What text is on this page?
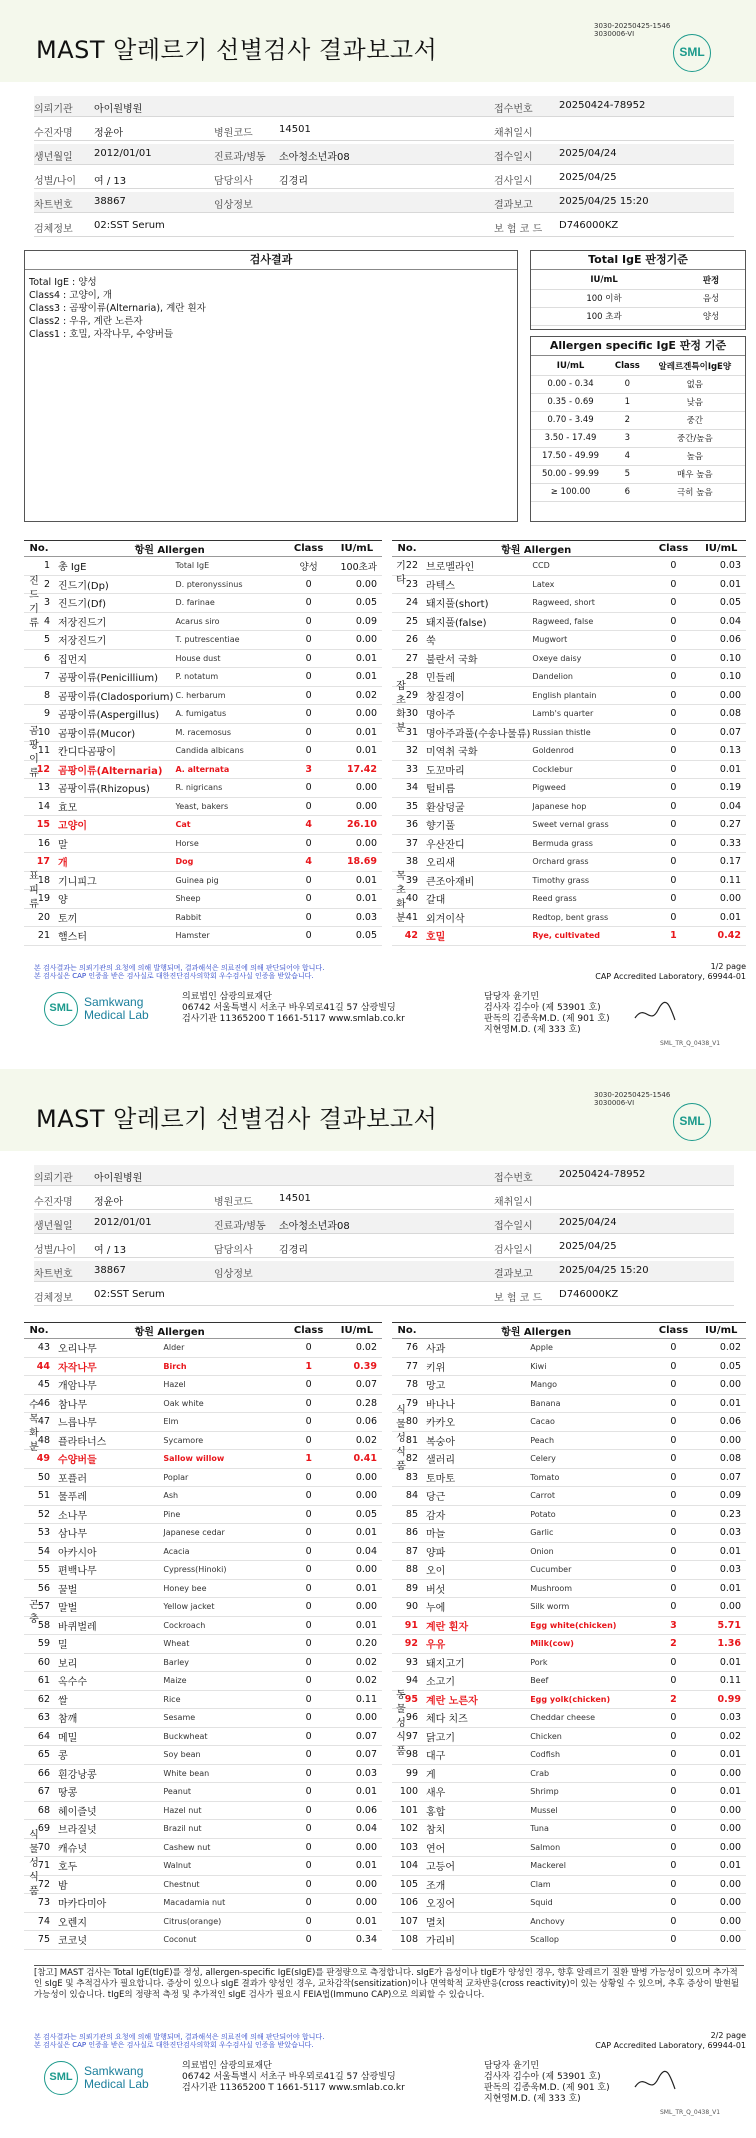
MAST 알레르기 선별검사 결과보고서
3030-20250425-1546
3030006-VI
SML
의뢰기관 아이원병원	접수번호	20250424-78952
수진자명 정윤아	병원코드	14501	채취일시
생년월일 2012/01/01	진료과/병동 소아청소년과08	접수일시	2025/04/24
성별/나이 여 / 13	담당의사	김경리	검사일시	2025/04/25
차트번호 38867	임상정보	결과보고	2025/04/25 15:20
검체정보 02:SST Serum	보 험 코 드 D746000KZ
검사결과
Total IgE : 양성
Class4 : 고양이, 개
Class3 : 곰팡이류(Alternaria), 계란 흰자
Class2 : 우유, 계란 노른자
Class1 : 호밀, 자작나무, 수양버들
Total IgE 판정기준
IU/mL	판정
100 이하	음성
100 초과	양성
Allergen specific IgE 판정 기준
IU/mL	Class	알레르겐특이IgE양
0.00 - 0.34	0	없음
0.35 - 0.69	1	낮음
0.70 - 3.49	2	중간
3.50 - 17.49	3	중간/높음
17.50 - 49.99	4	높음
50.00 - 99.99	5	매우 높음
≥ 100.00	6	극히 높음
No.	항원 Allergen		Class	IU/mL
1	총 IgE	Total IgE	양성	100초과
2	진드기(Dp)	D. pteronyssinus	0	0.00
3	진드기(Df)	D. farinae	0	0.05
4	저장진드기	Acarus siro	0	0.09
5	저장진드기	T. putrescentiae	0	0.00
6	집먼지	House dust	0	0.01
7	곰팡이류(Penicillium)	P. notatum	0	0.01
8	곰팡이류(Cladosporium)	C. herbarum	0	0.02
9	곰팡이류(Aspergillus)	A. fumigatus	0	0.00
10	곰팡이류(Mucor)	M. racemosus	0	0.01
11	칸디다곰팡이	Candida albicans	0	0.01
12	곰팡이류(Alternaria)	A. alternata	3	17.42
13	곰팡이류(Rhizopus)	R. nigricans	0	0.00
14	효모	Yeast, bakers	0	0.00
15	고양이	Cat	4	26.10
16	말	Horse	0	0.00
17	개	Dog	4	18.69
18	기니피그	Guinea pig	0	0.01
19	양	Sheep	0	0.01
20	토끼	Rabbit	0	0.03
21	햄스터	Hamster	0	0.05
No.	항원 Allergen		Class	IU/mL
22	브로멜라인	CCD	0	0.03
23	라텍스	Latex	0	0.01
24	돼지풀(short)	Ragweed, short	0	0.05
25	돼지풀(false)	Ragweed, false	0	0.04
26	쑥	Mugwort	0	0.06
27	불란서 국화	Oxeye daisy	0	0.10
28	민들레	Dandelion	0	0.10
29	창질경이	English plantain	0	0.00
30	명아주	Lamb's quarter	0	0.08
31	명아주과풀(수송나물류)	Russian thistle	0	0.07
32	미역취 국화	Goldenrod	0	0.13
33	도꼬마리	Cocklebur	0	0.01
34	털비름	Pigweed	0	0.19
35	환삼덩굴	Japanese hop	0	0.04
36	향기풀	Sweet vernal grass	0	0.27
37	우산잔디	Bermuda grass	0	0.33
38	오리새	Orchard grass	0	0.17
39	큰조아재비	Timothy grass	0	0.11
40	갈대	Reed grass	0	0.00
41	외겨이삭	Redtop, bent grass	0	0.01
42	호밀	Rye, cultivated	1	0.42
진드기류
곰팡이류
표피류
기타
잡초화분
목초화분
본 검사결과는 의뢰기관의 요청에 의해 발행되며, 결과해석은 의료진에 의해 판단되어야 합니다.
본 검사실은 CAP 인증을 받은 검사실로 대한진단검사의학회 우수검사실 인증을 받았습니다.
1/2 page
CAP Accredited Laboratory, 69944-01
SML Samkwang
Medical Lab
의료법인 삼광의료재단
06742 서울특별시 서초구 바우뫼로41길 57 삼광빌딩
검사기관 11365200 T 1661-5117 www.smlab.co.kr
담당자 윤기민
검사자 김수아 (제 53901 호)
판독의 김종욱M.D. (제 901 호)
지현영M.D. (제 333 호)
SML_TR_Q_0438_V1
MAST 알레르기 선별검사 결과보고서
3030-20250425-1546
3030006-VI
SML
의뢰기관 아이원병원	접수번호	20250424-78952
수진자명 정윤아	병원코드	14501	채취일시
생년월일 2012/01/01	진료과/병동 소아청소년과08	접수일시	2025/04/24
성별/나이 여 / 13	담당의사	김경리	검사일시	2025/04/25
차트번호 38867	임상정보	결과보고	2025/04/25 15:20
검체정보 02:SST Serum	보 험 코 드 D746000KZ
No.	항원 Allergen		Class	IU/mL
43	오리나무	Alder	0	0.02
44	자작나무	Birch	1	0.39
45	개암나무	Hazel	0	0.07
46	참나무	Oak white	0	0.28
47	느릅나무	Elm	0	0.06
48	플라타너스	Sycamore	0	0.02
49	수양버들	Sallow willow	1	0.41
50	포플러	Poplar	0	0.00
51	물푸레	Ash	0	0.00
52	소나무	Pine	0	0.05
53	삼나무	Japanese cedar	0	0.01
54	아카시아	Acacia	0	0.04
55	편백나무	Cypress(Hinoki)	0	0.00
56	꿀벌	Honey bee	0	0.01
57	말벌	Yellow jacket	0	0.00
58	바퀴벌레	Cockroach	0	0.01
59	밀	Wheat	0	0.20
60	보리	Barley	0	0.02
61	옥수수	Maize	0	0.02
62	쌀	Rice	0	0.11
63	참깨	Sesame	0	0.00
64	메밀	Buckwheat	0	0.07
65	콩	Soy bean	0	0.07
66	흰강낭콩	White bean	0	0.03
67	땅콩	Peanut	0	0.01
68	헤이즐넛	Hazel nut	0	0.06
69	브라질넛	Brazil nut	0	0.04
70	캐슈넛	Cashew nut	0	0.00
71	호두	Walnut	0	0.01
72	밤	Chestnut	0	0.00
73	마카다미아	Macadamia nut	0	0.00
74	오렌지	Citrus(orange)	0	0.01
75	코코넛	Coconut	0	0.34
No.	항원 Allergen		Class	IU/mL
76	사과	Apple	0	0.02
77	키위	Kiwi	0	0.05
78	망고	Mango	0	0.00
79	바나나	Banana	0	0.01
80	카카오	Cacao	0	0.06
81	복숭아	Peach	0	0.00
82	샐러리	Celery	0	0.08
83	토마토	Tomato	0	0.07
84	당근	Carrot	0	0.09
85	감자	Potato	0	0.23
86	마늘	Garlic	0	0.03
87	양파	Onion	0	0.01
88	오이	Cucumber	0	0.03
89	버섯	Mushroom	0	0.01
90	누에	Silk worm	0	0.00
91	계란 흰자	Egg white(chicken)	3	5.71
92	우유	Milk(cow)	2	1.36
93	돼지고기	Pork	0	0.01
94	소고기	Beef	0	0.11
95	계란 노른자	Egg yolk(chicken)	2	0.99
96	체다 치즈	Cheddar cheese	0	0.03
97	닭고기	Chicken	0	0.02
98	대구	Codfish	0	0.01
99	게	Crab	0	0.00
100	새우	Shrimp	0	0.01
101	홍합	Mussel	0	0.00
102	참치	Tuna	0	0.00
103	연어	Salmon	0	0.00
104	고등어	Mackerel	0	0.01
105	조개	Clam	0	0.00
106	오징어	Squid	0	0.00
107	멸치	Anchovy	0	0.00
108	가리비	Scallop	0	0.00
수목화분
곤충
식물성식품
식물성식품
동물성식품
[참고] MAST 검사는 Total IgE(tIgE)를 정성, allergen-specific IgE(sIgE)를 판정량으로 측정합니다. sIgE가 음성이나 tIgE가 양성인 경우, 향후 알레르기 질환 발병 가능성이 있으며 추가적인 sIgE 및 추적검사가 필요합니다. 증상이 있으나 sIgE 결과가 양성인 경우, 교차감작(sensitization)이나 면역학적 교차반응(cross reactivity)이 있는 상황일 수 있으며, 추후 증상이 발현될 가능성이 있습니다. tIgE의 정량적 측정 및 추가적인 sIgE 검사가 필요시 FEIA법(Immuno CAP)으로 의뢰할 수 있습니다.
본 검사결과는 의뢰기관의 요청에 의해 발행되며, 결과해석은 의료진에 의해 판단되어야 합니다.
본 검사실은 CAP 인증을 받은 검사실로 대한진단검사의학회 우수검사실 인증을 받았습니다.
2/2 page
CAP Accredited Laboratory, 69944-01
SML Samkwang
Medical Lab
의료법인 삼광의료재단
06742 서울특별시 서초구 바우뫼로41길 57 삼광빌딩
검사기관 11365200 T 1661-5117 www.smlab.co.kr
담당자 윤기민
검사자 김수아 (제 53901 호)
판독의 김종욱M.D. (제 901 호)
지현영M.D. (제 333 호)
SML_TR_Q_0438_V1
